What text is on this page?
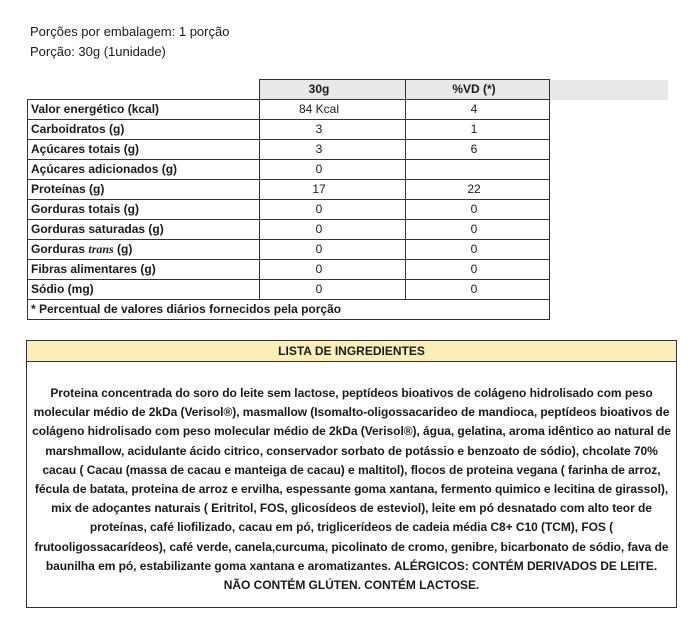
Porções por embalagem: 1 porção
Porção: 30g (1unidade)
	30g	%VD (*)	
Valor energético (kcal)	84 Kcal	4	
Carboidratos (g)	3	1	
Açúcares totais (g)	3	6	
Açúcares adicionados (g)	0		
Proteínas (g)	17	22	
Gorduras totais (g)	0	0	
Gorduras saturadas (g)	0	0	
Gorduras trans (g)	0	0	
Fibras alimentares (g)	0	0	
Sódio (mg)	0	0	
* Percentual de valores diários fornecidos pela porção			
LISTA DE INGREDIENTES
Proteina concentrada do soro do leite sem lactose, peptídeos bioativos de colágeno hidrolisado com peso molecular médio de 2kDa (Verisol®), masmallow (Isomalto-oligossacarideo de mandioca, peptídeos bioativos de colágeno hidrolisado com peso molecular médio de 2kDa (Verisol®), água, gelatina, aroma idêntico ao natural de marshmallow, acidulante ácido citrico, conservador sorbato de potássio e benzoato de sódio), chcolate 70% cacau ( Cacau (massa de cacau e manteiga de cacau) e maltitol), flocos de proteina vegana ( farinha de arroz, fécula de batata, proteina de arroz e ervilha, espessante goma xantana, fermento quimico e lecitina de girassol), mix de adoçantes naturais ( Eritritol, FOS, glicosídeos de esteviol), leite em pó desnatado com alto teor de proteínas, café liofilizado, cacau em pó, triglicerídeos de cadeia média C8+ C10 (TCM), FOS ( frutooligossacarídeos), café verde, canela,curcuma, picolinato de cromo, genibre, bicarbonato de sódio, fava de baunilha em pó, estabilizante goma xantana e aromatizantes. ALÉRGICOS: CONTÉM DERIVADOS DE LEITE. NÃO CONTÉM GLÚTEN. CONTÉM LACTOSE.
